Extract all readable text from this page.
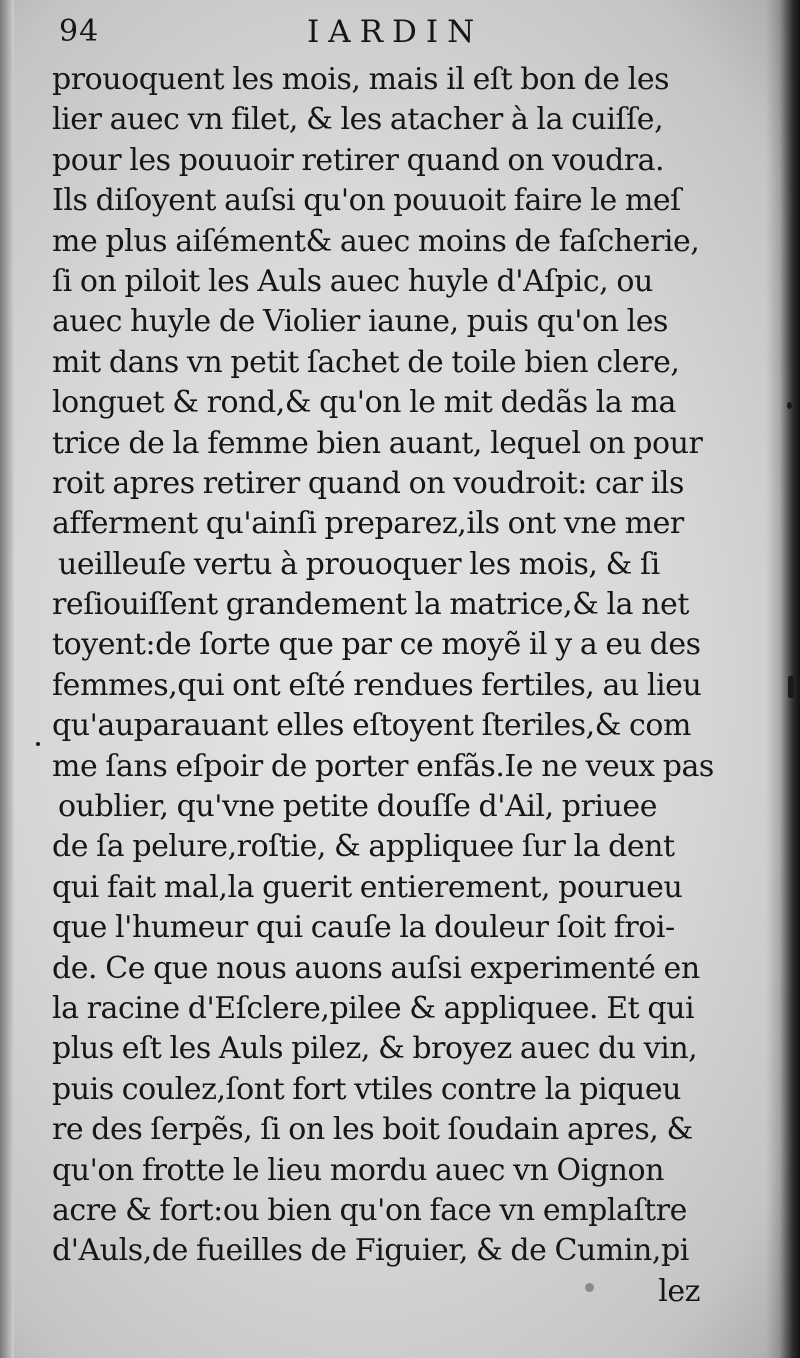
94	IARDIN
prouoquent les mois, mais il eſt bon de les
lier auec vn filet, & les atacher à la cuiſſe,
pour les pouuoir retirer quand on voudra.
Ils diſoyent auſsi qu'on pouuoit faire le meſ
me plus aiſément& auec moins de faſcherie,
ſi on piloit les Auls auec huyle d'Aſpic, ou
auec huyle de Violier iaune, puis qu'on les
mit dans vn petit ſachet de toile bien clere,
longuet & rond,& qu'on le mit dedãs la ma
trice de la femme bien auant, lequel on pour
roit apres retirer quand on voudroit: car ils
afferment qu'ainſi preparez,ils ont vne mer
ueilleuſe vertu à prouoquer les mois, & ſi
reſiouiſſent grandement la matrice,& la net
toyent:de ſorte que par ce moyẽ il y a eu des
femmes,qui ont eſté rendues fertiles, au lieu
qu'auparauant elles eſtoyent ſteriles,& com
me ſans eſpoir de porter enfãs.Ie ne veux pas
oublier, qu'vne petite douſſe d'Ail, priuee
de ſa pelure,roſtie, & appliquee ſur la dent
qui fait mal,la guerit entierement, pourueu
que l'humeur qui cauſe la douleur ſoit froi-
de. Ce que nous auons auſsi experimenté en
la racine d'Eſclere,pilee & appliquee. Et qui
plus eſt les Auls pilez, & broyez auec du vin,
puis coulez,ſont fort vtiles contre la piqueu
re des ſerpẽs, ſi on les boit ſoudain apres, &
qu'on frotte le lieu mordu auec vn Oignon
acre & fort:ou bien qu'on face vn emplaſtre
d'Auls,de fueilles de Figuier, & de Cumin,pi
lez
